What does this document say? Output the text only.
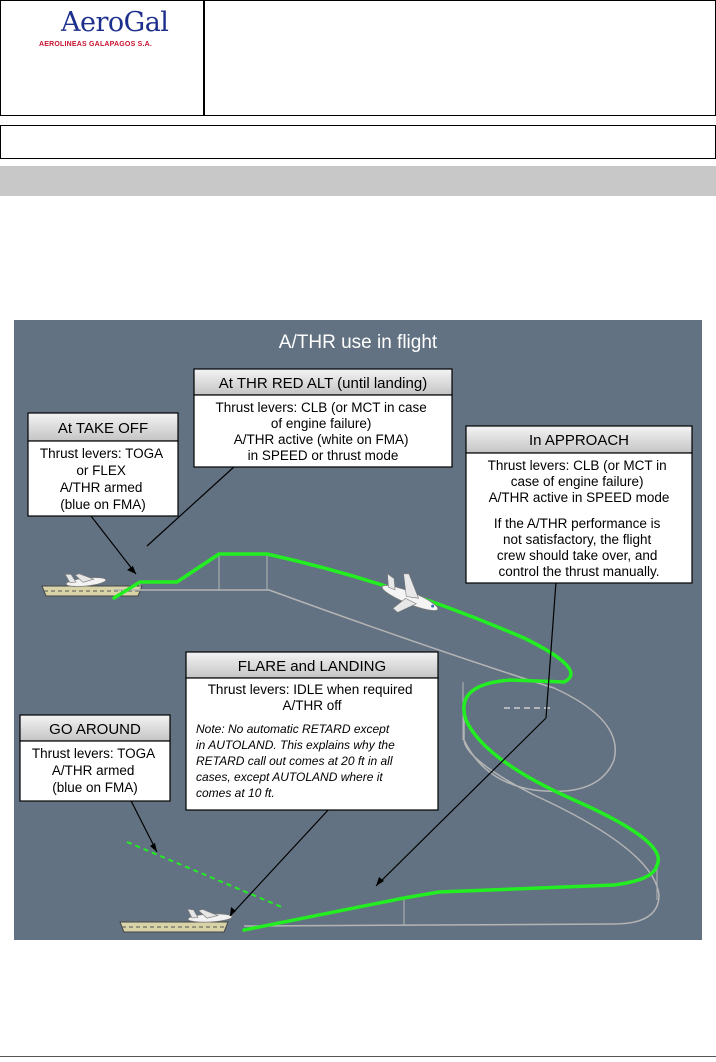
AeroGal
AEROLINEAS GALAPAGOS S.A.
A/THR use in flight
At TAKE OFF
Thrust levers: TOGA or FLEX A/THR armed (blue on FMA)
At THR RED ALT (until landing)
Thrust levers: CLB (or MCT in case of engine failure) A/THR active (white on FMA) in SPEED or thrust mode
In APPROACH
Thrust levers: CLB (or MCT in case of engine failure) A/THR active in SPEED mode
If the A/THR performance is not satisfactory, the flight crew should take over, and control the thrust manually.
FLARE and LANDING
Thrust levers: IDLE when required A/THR off
Note: No automatic RETARD except in AUTOLAND. This explains why the RETARD call out comes at 20 ft in all cases, except AUTOLAND where it comes at 10 ft.
GO AROUND
Thrust levers: TOGA A/THR armed (blue on FMA)
